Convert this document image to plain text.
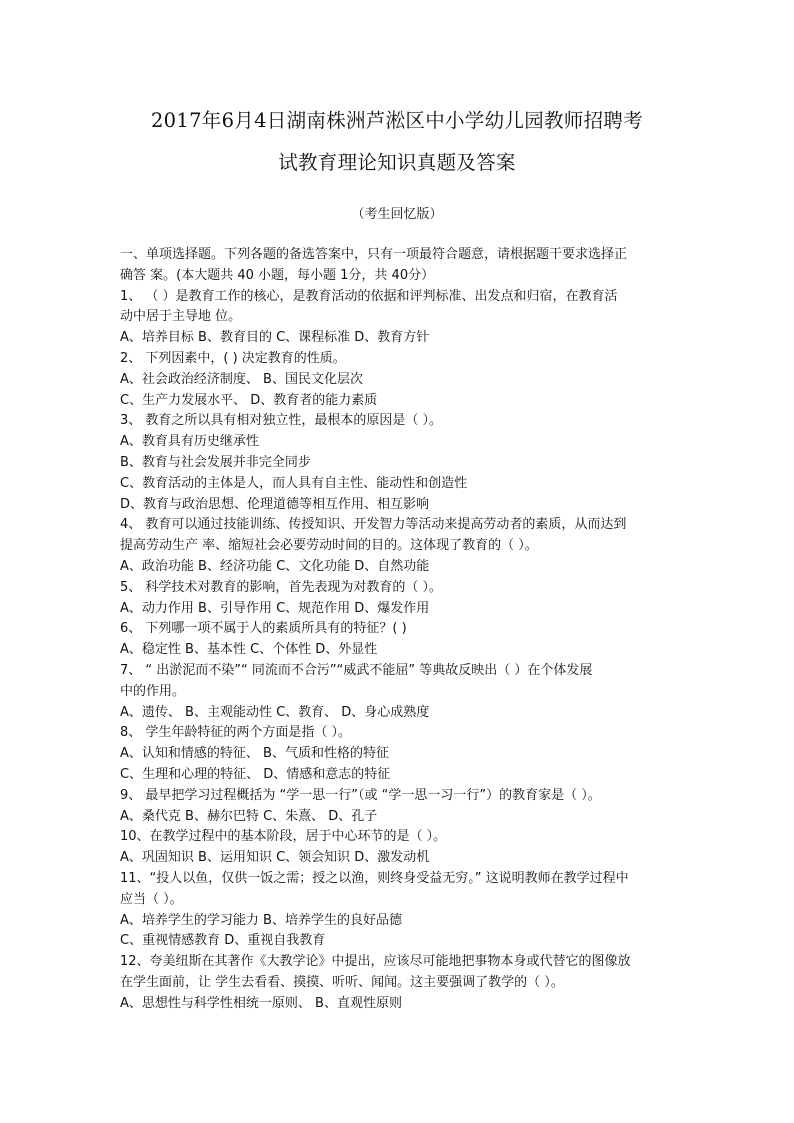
2017年6月4日湖南株洲芦淞区中小学幼儿园教师招聘考
试教育理论知识真题及答案
（考生回忆版）
一、单项选择题。下列各题的备选答案中，只有一项最符合题意，请根据题干要求选择正
确答 案。(本大题共 40 小题，每小题 1分，共 40分）
1、 （ ）是教育工作的核心，是教育活动的依据和评判标准、出发点和归宿，在教育活
动中居于主导地 位。
A、培养目标 B、教育目的 C、课程标准 D、教育方针
2、 下列因素中，( ) 决定教育的性质。
A、社会政治经济制度、 B、国民文化层次
C、生产力发展水平、 D、教育者的能力素质
3、 教育之所以具有相对独立性，最根本的原因是（ ）。
A、教育具有历史继承性
B、教育与社会发展并非完全同步
C、教育活动的主体是人，而人具有自主性、能动性和创造性
D、教育与政治思想、伦理道德等相互作用、相互影响
4、 教育可以通过技能训练、传授知识、开发智力等活动来提高劳动者的素质，从而达到
提高劳动生产 率、缩短社会必要劳动时间的目的。这体现了教育的（ ）。
A、政治功能 B、经济功能 C、文化功能 D、自然功能
5、 科学技术对教育的影响，首先表现为对教育的（ ）。
A、动力作用 B、引导作用 C、规范作用 D、爆发作用
6、 下列哪一项不属于人的素质所具有的特征？( )
A、稳定性 B、基本性 C、个体性 D、外显性
7、 “ 出淤泥而不染”“ 同流而不合污”“威武不能屈” 等典故反映出（ ）在个体发展
中的作用。
A、遗传、 B、主观能动性 C、教育、 D、身心成熟度
8、 学生年龄特征的两个方面是指（ ）。
A、认知和情感的特征、 B、气质和性格的特征
C、生理和心理的特征、 D、情感和意志的特征
9、 最早把学习过程概括为 “学一思一行”（或 “学一思一习一行”）的教育家是（ ）。
A、桑代克 B、赫尔巴特 C、朱熹、 D、孔子
10、在教学过程中的基本阶段，居于中心环节的是（ ）。
A、巩固知识 B、运用知识 C、领会知识 D、激发动机
11、“投人以鱼，仅供一饭之需；授之以渔，则终身受益无穷。” 这说明教师在教学过程中
应当（ ）。
A、培养学生的学习能力 B、培养学生的良好品德
C、重视情感教育 D、重视自我教育
12、夸美纽斯在其著作《大教学论》中提出，应该尽可能地把事物本身或代替它的图像放
在学生面前，让 学生去看看、摸摸、听听、闻闻。这主要强调了教学的（ ）。
A、思想性与科学性相统一原则、 B、直观性原则
